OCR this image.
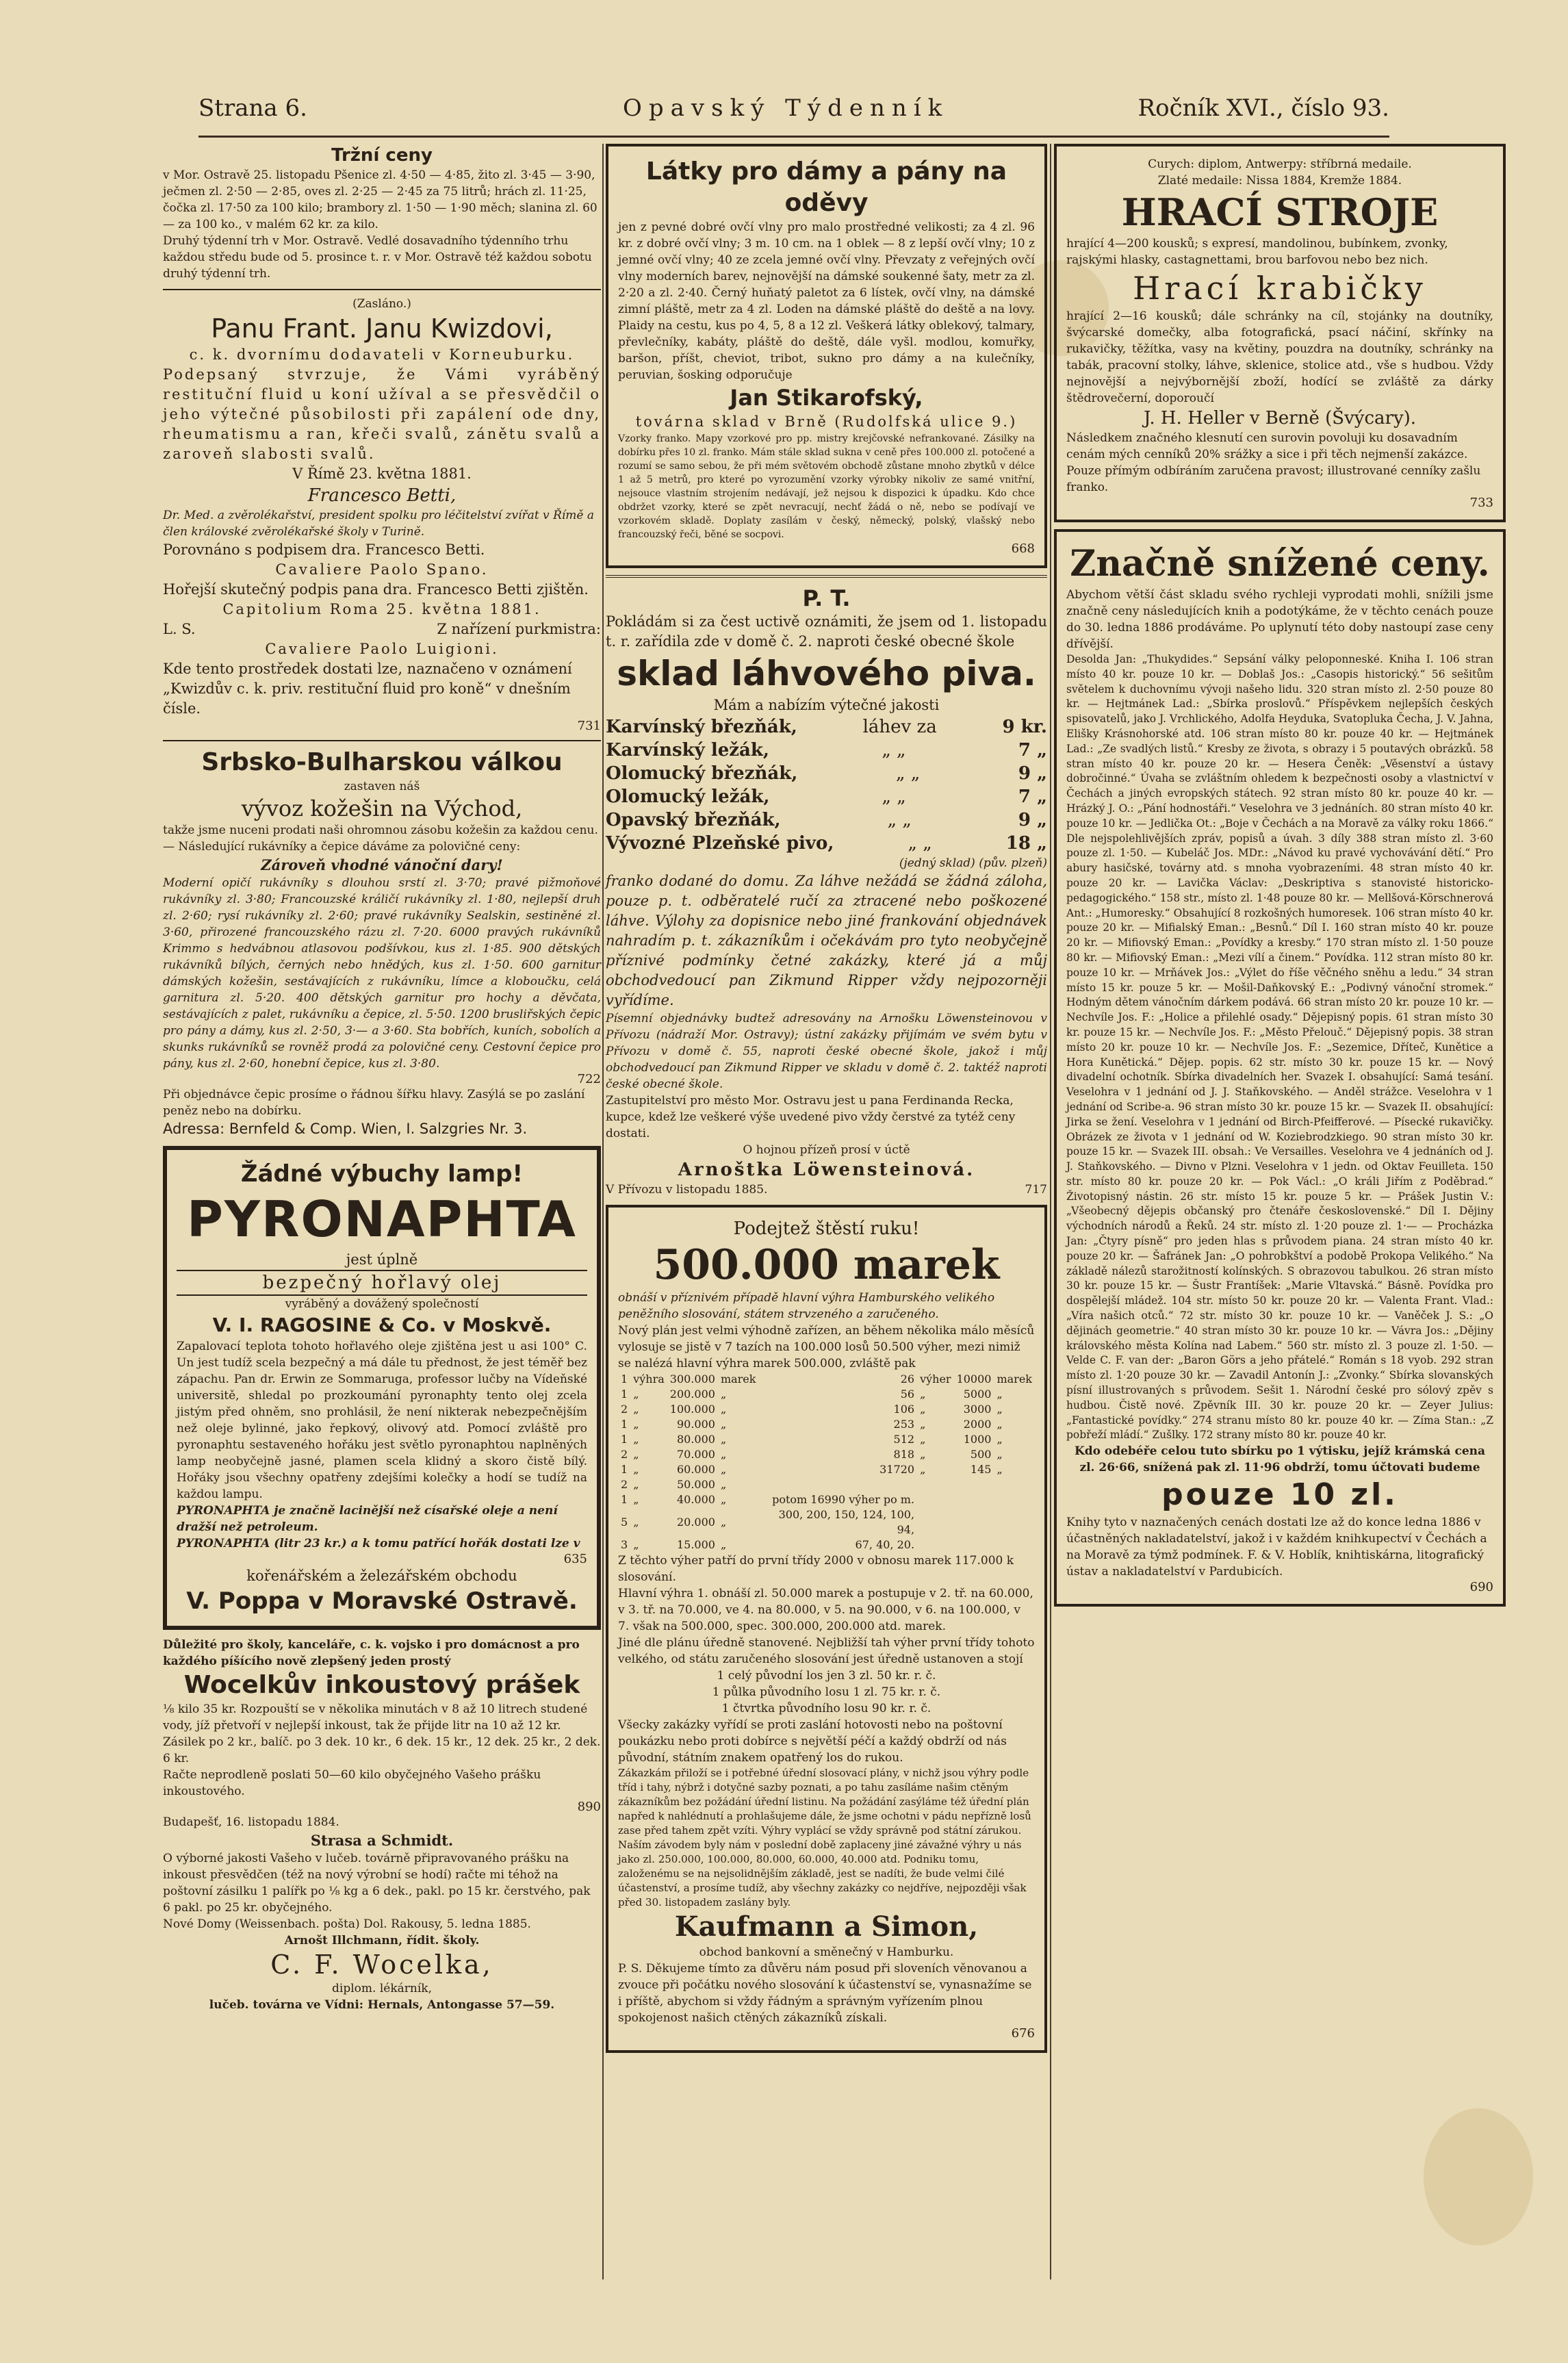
Strana 6.	Opavský Týdenník	Ročník XVI., číslo 93.
Tržní ceny
v Mor. Ostravě 25. listopadu Pšenice zl. 4·50 — 4·85, žito zl. 3·45 — 3·90, ječmen zl. 2·50 — 2·85, oves zl. 2·25 — 2·45 za 75 litrů; hrách zl. 11·25, čočka zl. 17·50 za 100 kilo; brambory zl. 1·50 — 1·90 měch; slanina zl. 60 — za 100 ko., v malém 62 kr. za kilo.
Druhý týdenní trh v Mor. Ostravě. Vedlé dosavadního týdenního trhu každou středu bude od 5. prosince t. r. v Mor. Ostravě též každou sobotu druhý týdenní trh.
(Zasláno.)
Panu Frant. Janu Kwizdovi,
c. k. dvornímu dodavateli v Korneuburku.
Podepsaný stvrzuje, že Vámi vyráběný restituční fluid u koní užíval a se přesvědčil o jeho výtečné působilosti při zapálení ode dny, rheumatismu a ran, křeči svalů, zánětu svalů a zaroveň slabosti svalů.
V Římě 23. května 1881.
Francesco Betti,
Dr. Med. a zvěrolékařství, president spolku pro léčitelství zvířat v Římě a člen královské zvěrolékařské školy v Turině.
Porovnáno s podpisem dra. Francesco Betti.
Cavaliere Paolo Spano.
Hořejší skutečný podpis pana dra. Francesco Betti zjištěn.
Capitolium Roma 25. května 1881.
L. S.	Z nařízení purkmistra:
Cavaliere Paolo Luigioni.
Kde tento prostředek dostati lze, naznačeno v oznámení „Kwizdův c. k. priv. restituční fluid pro koně“ v dnešním čísle.
731
Srbsko-Bulharskou válkou
zastaven náš
vývoz kožešin na Východ,
takže jsme nuceni prodati naši ohromnou zásobu kožešin za každou cenu. — Následující rukávníky a čepice dáváme za polovičné ceny:
Zároveň vhodné vánoční dary!
Moderní opičí rukávníky s dlouhou srstí zl. 3·70; pravé pižmoňové rukávníky zl. 3·80; Francouzské králičí rukávníky zl. 1·80, nejlepší druh zl. 2·60; rysí rukávníky zl. 2·60; pravé rukávníky Sealskin, sestiněné zl. 3·60, přirozené francouzského rázu zl. 7·20. 6000 pravých rukávníků Krimmo s hedvábnou atlasovou podšívkou, kus zl. 1·85. 900 dětských rukávníků bílých, černých nebo hnědých, kus zl. 1·50. 600 garnitur dámských kožešin, sestávajících z rukávníku, límce a kloboučku, celá garnitura zl. 5·20. 400 dětských garnitur pro hochy a děvčata, sestávajících z palet, rukávníku a čepice, zl. 5·50. 1200 brusliřských čepic pro pány a dámy, kus zl. 2·50, 3·— a 3·60. Sta bobřích, kuních, sobolích a skunks rukávníků se rovněž prodá za polovičné ceny. Cestovní čepice pro pány, kus zl. 2·60, honební čepice, kus zl. 3·80.
722
Při objednávce čepic prosíme o řádnou šířku hlavy. Zasýlá se po zaslání peněz nebo na dobírku.
Adressa: Bernfeld & Comp. Wien, I. Salzgries Nr. 3.
Žádné výbuchy lamp!
PYRONAPHTA
jest úplně
bezpečný hořlavý olej
vyráběný a dovážený společností
V. I. RAGOSINE & Co. v Moskvě.
Zapalovací teplota tohoto hořlavého oleje zjištěna jest u asi 100° C. Un jest tudíž scela bezpečný a má dále tu přednost, že jest téměř bez zápachu. Pan dr. Erwin ze Sommaruga, professor lučby na Vídeňské universitě, shledal po prozkoumání pyronaphty tento olej zcela jistým před ohněm, sno prohlásil, že není nikterak nebezpečnějším než oleje bylinné, jako řepkový, olivový atd. Pomocí zvláště pro pyronaphtu sestaveného hořáku jest světlo pyronaphtou naplněných lamp neobyčejně jasné, plamen scela klidný a skoro čistě bílý. Hořáky jsou všechny opatřeny zdejšími kolečky a hodí se tudíž na každou lampu.
PYRONAPHTA je značně lacinější než císařské oleje a není dražší než petroleum.
PYRONAPHTA (litr 23 kr.) a k tomu patřící hořák dostati lze v
635
kořenářském a železářském obchodu
V. Poppa v Moravské Ostravě.
Důležité pro školy, kanceláře, c. k. vojsko i pro domácnost a pro každého píšícího nově zlepšený jeden prostý
Wocelkův inkoustový prášek
⅛ kilo 35 kr. Rozpouští se v několika minutách v 8 až 10 litrech studené vody, jíž přetvoří v nejlepší inkoust, tak že přijde litr na 10 až 12 kr. Zásilek po 2 kr., balíč. po 3 dek. 10 kr., 6 dek. 15 kr., 12 dek. 25 kr., 2 dek. 6 kr.
Račte neprodleně poslati 50—60 kilo obyčejného Vašeho prášku inkoustového.
890
Budapešť, 16. listopadu 1884.
Strasa a Schmidt.
O výborné jakosti Vašeho v lučeb. továrně připravovaného prášku na inkoust přesvědčen (též na nový výrobní se hodí) račte mi téhož na poštovní zásilku 1 palířk po ⅛ kg a 6 dek., pakl. po 15 kr. čerstvého, pak 6 pakl. po 25 kr. obyčejného.
Nové Domy (Weissenbach. pošta) Dol. Rakousy, 5. ledna 1885.
Arnošt Illchmann, řídit. školy.
C. F. Wocelka,
diplom. lékárník,
lučeb. továrna ve Vídni: Hernals, Antongasse 57—59.
Látky pro dámy a pány na oděvy
jen z pevné dobré ovčí vlny pro malo prostředné velikosti; za 4 zl. 96 kr. z dobré ovčí vlny; 3 m. 10 cm. na 1 oblek — 8 z lepší ovčí vlny; 10 z jemné ovčí vlny; 40 ze zcela jemné ovčí vlny. Převzaty z veřejných ovčí vlny moderních barev, nejnovější na dámské soukenné šaty, metr za zl. 2·20 a zl. 2·40. Černý huňatý paletot za 6 lístek, ovčí vlny, na dámské zimní pláště, metr za 4 zl. Loden na dámské pláště do deště a na lovy. Plaidy na cestu, kus po 4, 5, 8 a 12 zl. Veškerá látky oblekový, talmary, převlečníky, kabáty, pláště do deště, dále vyšl. modlou, komuřky, baršon, příšt, cheviot, tribot, sukno pro dámy a na kulečníky, peruvian, šosking odporučuje
Jan Stikarofský,
továrna sklad v Brně (Rudolfská ulice 9.)
Vzorky franko. Mapy vzorkové pro pp. mistry krejčovské nefrankované. Zásilky na dobírku přes 10 zl. franko. Mám stále sklad sukna v ceně přes 100.000 zl. potočené a rozumí se samo sebou, že při mém světovém obchodě zůstane mnoho zbytků v délce 1 až 5 metrů, pro které po vyrozumění vzorky výrobky nikoliv ze samé vnitřní, nejsouce vlastním strojením nedávají, jež nejsou k dispozici k úpadku. Kdo chce obdržet vzorky, které se zpět nevracují, nechť žádá o ně, nebo se podívají ve vzorkovém skladě. Doplaty zasílám v český, německý, polský, vlašský nebo francouzský řeči, běné se socpovi.
668
P. T.
Pokládám si za čest uctivě oznámiti, že jsem od 1. listopadu t. r. zařídila zde v domě č. 2. naproti české obecné škole
sklad láhvového piva.
Mám a nabízím výtečné jakosti
Karvínský březňák,	láhev za	9 kr.
Karvínský ležák,	„ „	7 „
Olomucký březňák,	„ „	9 „
Olomucký ležák,	„ „	7 „
Opavský březňák,	„ „	9 „
Vývozné Plzeňské pivo,	„ „	18 „
(jedný sklad) (pův. plzeň)
franko dodané do domu. Za láhve nežádá se žádná záloha, pouze p. t. odběratelé ručí za ztracené nebo poškozené láhve. Výlohy za dopisnice nebo jiné frankování objednávek nahradím p. t. zákazníkům i očekávám pro tyto neobyčejně příznivé podmínky četné zakázky, které já a můj obchodvedoucí pan Zikmund Ripper vždy nejpozorněji vyřídíme.
Písemní objednávky budtež adresovány na Arnošku Löwensteinovou v Přívozu (nádraží Mor. Ostravy); ústní zakázky přijímám ve svém bytu v Přívozu v domě č. 55, naproti české obecné škole, jakož i můj obchodvedoucí pan Zikmund Ripper ve skladu v domě č. 2. taktéž naproti české obecné škole.
Zastupitelství pro město Mor. Ostravu jest u pana Ferdinanda Recka, kupce, kdež lze veškeré výše uvedené pivo vždy čerstvé za tytéž ceny dostati.
O hojnou přízeň prosí v úctě
Arnoštka Löwensteinová.
V Přívozu v listopadu 1885.	717
Podejtež štěstí ruku!
500.000 marek
obnáší v příznivém případě hlavní výhra Hamburského velikého peněžního slosování, státem strvzeného a zaručeného.
Nový plán jest velmi výhodně zařízen, an během několika málo měsíců vylosuje se jistě v 7 tazích na 100.000 losů 50.500 výher, mezi nimiž se nalézá hlavní výhra marek 500.000, zvláště pak
1	výhra	300.000	marek	26	výher	10000	marek
1	„	200.000	„	56	„	5000	„
2	„	100.000	„	106	„	3000	„
1	„	90.000	„	253	„	2000	„
1	„	80.000	„	512	„	1000	„
2	„	70.000	„	818	„	500	„
1	„	60.000	„	31720	„	145	„
2	„	50.000	„				
1	„	40.000	„	potom 16990 výher po m.			
5	„	20.000	„	300, 200, 150, 124, 100, 94,			
3	„	15.000	„	67, 40, 20.			
Z těchto výher patří do první třídy 2000 v obnosu marek 117.000 k slosování.
Hlavní výhra 1. obnáší zl. 50.000 marek a postupuje v 2. tř. na 60.000, v 3. tř. na 70.000, ve 4. na 80.000, v 5. na 90.000, v 6. na 100.000, v 7. však na 500.000, spec. 300.000, 200.000 atd. marek.
Jiné dle plánu úředně stanovené. Nejbližší tah výher první třídy tohoto velkého, od státu zaručeného slosování jest úředně ustanoven a stojí
1 celý původní los jen 3 zl. 50 kr. r. č.
1 půlka původního losu 1 zl. 75 kr. r. č.
1 čtvrtka původního losu 90 kr. r. č.
Všecky zakázky vyřídí se proti zaslání hotovosti nebo na poštovní poukázku nebo proti dobírce s největší péčí a každý obdrží od nás původní, státním znakem opatřený los do rukou.
Zákazkám přiloží se i potřebné úřední slosovací plány, v nichž jsou výhry podle tříd i tahy, nýbrž i dotyčné sazby poznati, a po tahu zasíláme našim ctěným zákazníkům bez požádání úřední listinu. Na požádání zasýláme též úřední plán napřed k nahlédnutí a prohlašujeme dále, že jsme ochotni v pádu nepřízně losů zase před tahem zpět vzíti. Výhry vyplácí se vždy správně pod státní zárukou. Naším závodem byly nám v poslední době zaplaceny jiné závažné výhry u nás jako zl. 250.000, 100.000, 80.000, 60.000, 40.000 atd. Podniku tomu, založenému se na nejsolidnějším základě, jest se nadíti, že bude velmi čilé účastenství, a prosíme tudíž, aby všechny zakázky co nejdříve, nejpozději však před 30. listopadem zaslány byly.
Kaufmann a Simon,
obchod bankovní a směnečný v Hamburku.
P. S. Děkujeme tímto za důvěru nám posud při sloveních věnovanou a zvouce při počátku nového slosování k účastenství se, vynasnažíme se i příště, abychom si vždy řádným a správným vyřízením plnou spokojenost našich ctěných zákazníků získali.
676
Curych: diplom, Antwerpy: stříbrná medaile.
Zlaté medaile: Nissa 1884, Kremže 1884.
HRACÍ STROJE
hrající 4—200 kousků; s expresí, mandolinou, bubínkem, zvonky, rajskými hlasky, castagnettami, brou barfovou nebo bez nich.
Hrací krabičky
hrající 2—16 kousků; dále schránky na cíl, stojánky na doutníky, švýcarské domečky, alba fotografická, psací náčiní, skřínky na rukavičky, těžítka, vasy na květiny, pouzdra na doutníky, schránky na tabák, pracovní stolky, láhve, sklenice, stolice atd., vše s hudbou. Vždy nejnovější a nejvýbornější zboží, hodící se zvláště za dárky štědrovečerní, doporoučí
J. H. Heller v Berně (Švýcary).
Následkem značného klesnutí cen surovin povoluji ku dosavadním cenám mých cenníků 20% srážky a sice i při těch nejmenší zakázce.
Pouze přímým odbíráním zaručena pravost; illustrované cenníky zašlu franko.
733
Značně snížené ceny.
Abychom větší část skladu svého rychleji vyprodati mohli, snížili jsme značně ceny následujících knih a podotýkáme, že v těchto cenách pouze do 30. ledna 1886 prodáváme. Po uplynutí této doby nastoupí zase ceny dřívější.
Desolda Jan: „Thukydides.“ Sepsání války peloponneské. Kniha I. 106 stran místo 40 kr. pouze 10 kr. — Doblaš Jos.: „Casopis historický.“ 56 sešitům světelem k duchovnímu vývoji našeho lidu. 320 stran místo zl. 2·50 pouze 80 kr. — Hejtmánek Lad.: „Sbírka proslovů.“ Příspěvkem nejlepších českých spisovatelů, jako J. Vrchlického, Adolfa Heyduka, Svatopluka Čecha, J. V. Jahna, Elišky Krásnohorské atd. 106 stran místo 80 kr. pouze 40 kr. — Hejtmánek Lad.: „Ze svadlých listů.“ Kresby ze života, s obrazy i 5 poutavých obrázků. 58 stran místo 40 kr. pouze 20 kr. — Hesera Čeněk: „Věsenství a ústavy dobročinné.“ Úvaha se zvláštním ohledem k bezpečnosti osoby a vlastnictví v Čechách a jiných evropských státech. 92 stran místo 80 kr. pouze 40 kr. — Hrázký J. O.: „Pání hodnostáři.“ Veselohra ve 3 jednáních. 80 stran místo 40 kr. pouze 10 kr. — Jedlička Ot.: „Boje v Čechách a na Moravě za války roku 1866.“ Dle nejspolehlivějších zpráv, popisů a úvah. 3 díly 388 stran místo zl. 3·60 pouze zl. 1·50. — Kubeláč Jos. MDr.: „Návod ku pravé vychovávání dětí.“ Pro abury hasičské, továrny atd. s mnoha vyobrazeními. 48 stran místo 40 kr. pouze 20 kr. — Lavička Václav: „Deskriptiva s stanovisté historicko-pedagogického.“ 158 str., místo zl. 1·48 pouze 80 kr. — Mellšová-Körschnerová Ant.: „Humoresky.“ Obsahující 8 rozkošných humoresek. 106 stran místo 40 kr. pouze 20 kr. — Mifialský Eman.: „Besnů.“ Díl I. 160 stran místo 40 kr. pouze 20 kr. — Mifiovský Eman.: „Povídky a kresby.“ 170 stran místo zl. 1·50 pouze 80 kr. — Mifiovský Eman.: „Mezi vílí a činem.“ Povídka. 112 stran místo 80 kr. pouze 10 kr. — Mrňávek Jos.: „Výlet do říše věčného sněhu a ledu.“ 34 stran místo 15 kr. pouze 5 kr. — Mošil-Daňkovský E.: „Podivný vánoční stromek.“ Hodným dětem vánočním dárkem podává. 66 stran místo 20 kr. pouze 10 kr. — Nechvíle Jos. F.: „Holice a přilehlé osady.“ Dějepisný popis. 61 stran místo 30 kr. pouze 15 kr. — Nechvíle Jos. F.: „Město Přelouč.“ Dějepisný popis. 38 stran místo 20 kr. pouze 10 kr. — Nechvíle Jos. F.: „Sezemice, Dříteč, Kunětice a Hora Kunětická.“ Dějep. popis. 62 str. místo 30 kr. pouze 15 kr. — Nový divadelní ochotník. Sbírka divadelních her. Svazek I. obsahující: Samá tesání. Veselohra v 1 jednání od J. J. Staňkovského. — Anděl strážce. Veselohra v 1 jednání od Scribe-a. 96 stran místo 30 kr. pouze 15 kr. — Svazek II. obsahující: Jirka se žení. Veselohra v 1 jednání od Birch-Pfeifferové. — Písecké rukavičky. Obrázek ze života v 1 jednání od W. Koziebrodzkiego. 90 stran místo 30 kr. pouze 15 kr. — Svazek III. obsah.: Ve Versailles. Veselohra ve 4 jednáních od J. J. Staňkovského. — Divno v Plzni. Veselohra v 1 jedn. od Oktav Feuilleta. 150 str. místo 80 kr. pouze 20 kr. — Pok Václ.: „O králi Jiřím z Poděbrad.“ Životopisný nástin. 26 str. místo 15 kr. pouze 5 kr. — Prášek Justin V.: „Všeobecný dějepis občanský pro čtenáře československé.“ Díl I. Dějiny východních národů a Řeků. 24 str. místo zl. 1·20 pouze zl. 1·— — Procházka Jan: „Čtyry písně“ pro jeden hlas s průvodem piana. 24 stran místo 40 kr. pouze 20 kr. — Šafránek Jan: „O pohrobkštví a podobě Prokopa Velikého.“ Na základě nálezů starožitností kolínských. S obrazovou tabulkou. 26 stran místo 30 kr. pouze 15 kr. — Šustr Frantíšek: „Marie Vltavská.“ Básně. Povídka pro dospělejší mládež. 104 str. místo 50 kr. pouze 20 kr. — Valenta Frant. Vlad.: „Víra našich otců.“ 72 str. místo 30 kr. pouze 10 kr. — Vaněček J. S.: „O dějinách geometrie.“ 40 stran místo 30 kr. pouze 10 kr. — Vávra Jos.: „Dějiny královského města Kolína nad Labem.“ 560 str. místo zl. 3 pouze zl. 1·50. — Velde C. F. van der: „Baron Görs a jeho přátelé.“ Román s 18 vyob. 292 stran místo zl. 1·20 pouze 30 kr. — Zavadil Antonín J.: „Zvonky.“ Sbírka slovanských písní illustrovaných s průvodem. Sešit 1. Národní české pro sólový zpěv s hudbou. Čistě nové. Zpěvník III. 30 kr. pouze 20 kr. — Zeyer Julius: „Fantastické povídky.“ 274 stranu místo 80 kr. pouze 40 kr. — Zíma Stan.: „Z pobřeží mládí.“ Zušlky. 172 strany místo 80 kr. pouze 40 kr.
Kdo odebéře celou tuto sbírku po 1 výtisku, jejíž krámská cena zl. 26·66, snížená pak zl. 11·96 obdrží, tomu účtovati budeme
pouze 10 zl.
Knihy tyto v naznačených cenách dostati lze až do konce ledna 1886 v účastněných nakladatelství, jakož i v každém knihkupectví v Čechách a na Moravě za týmž podmínek. F. & V. Hoblík, knihtiskárna, litografický ústav a nakladatelství v Pardubicích.
690
